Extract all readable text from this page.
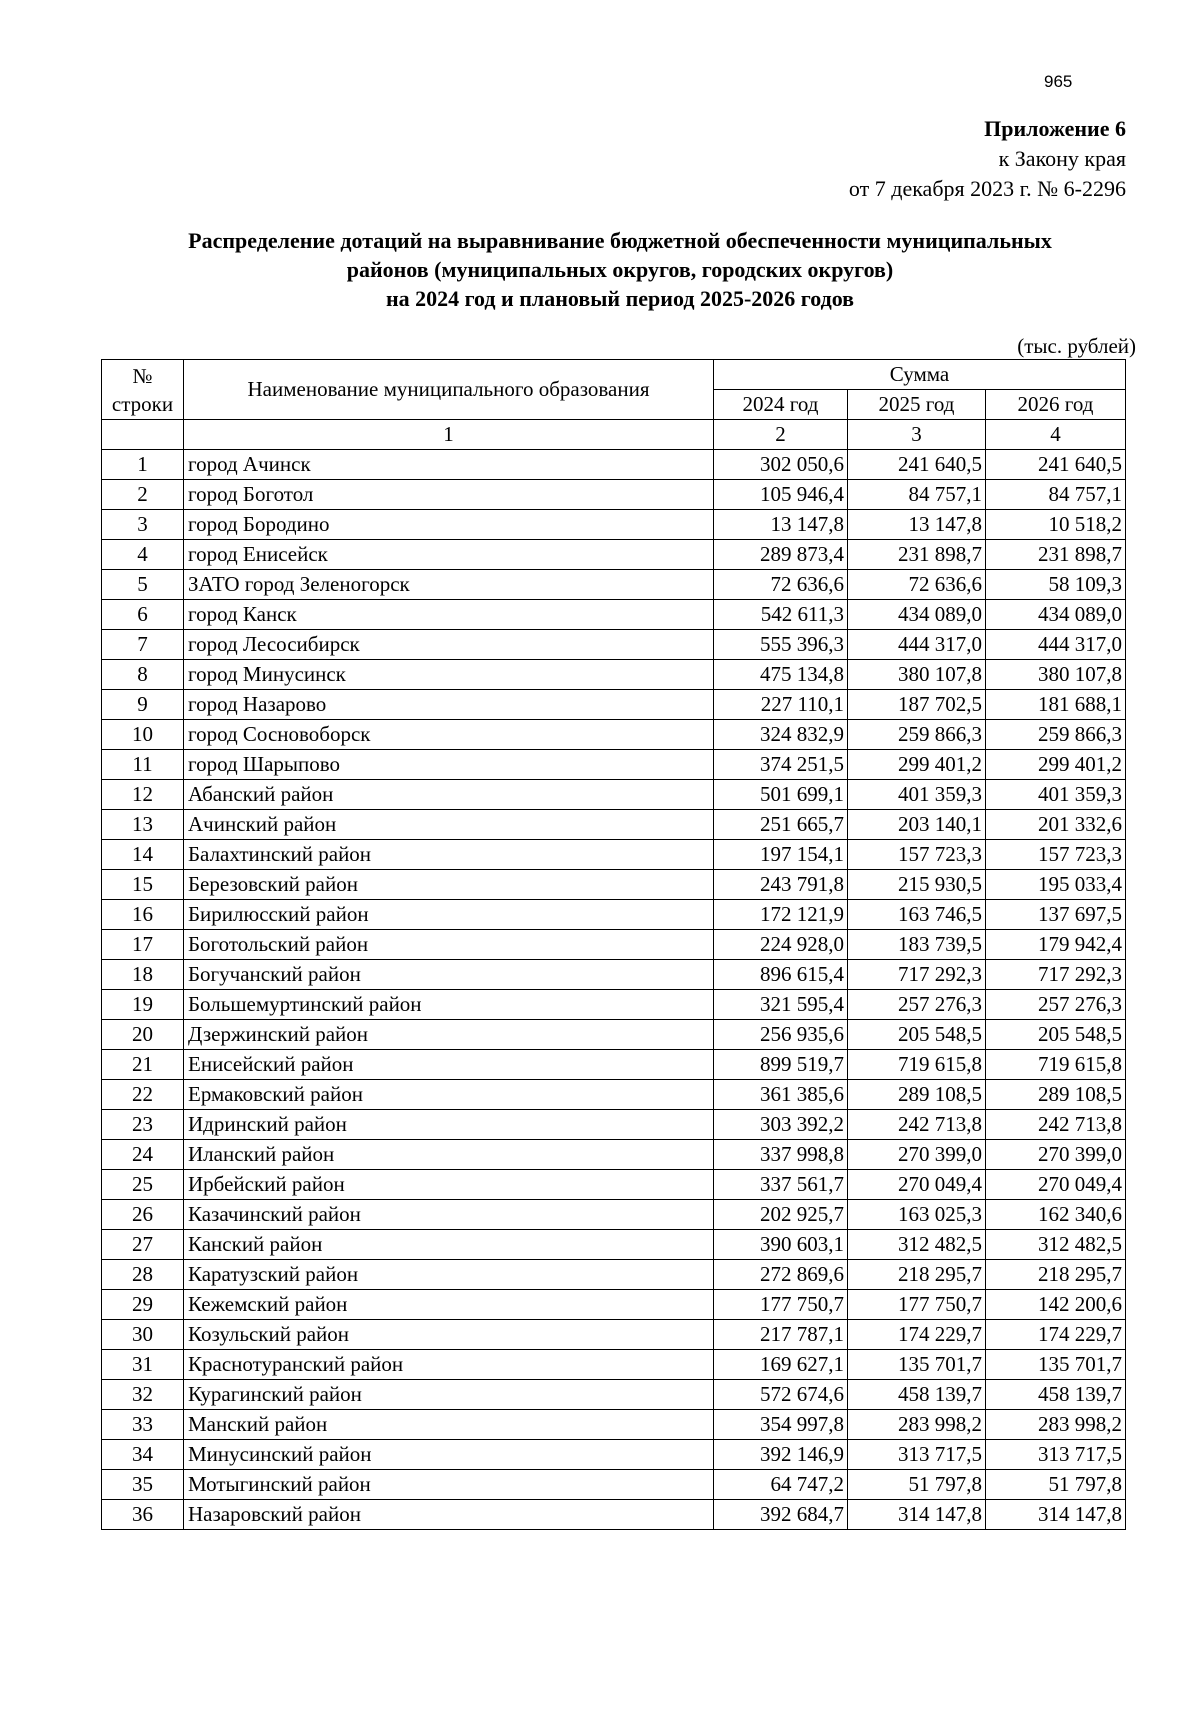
965
Приложение 6
к Закону края
от 7 декабря 2023 г. № 6-2296
Распределение дотаций на выравнивание бюджетной обеспеченности муниципальных
районов (муниципальных округов, городских округов)
на 2024 год и плановый период 2025-2026 годов
(тыс. рублей)
№
строки	Наименование муниципального образования	Сумма		
		2024 год	2025 год	2026 год
	1	2	3	4
1	город Ачинск	302 050,6	241 640,5	241 640,5
2	город Боготол	105 946,4	84 757,1	84 757,1
3	город Бородино	13 147,8	13 147,8	10 518,2
4	город Енисейск	289 873,4	231 898,7	231 898,7
5	ЗАТО город Зеленогорск	72 636,6	72 636,6	58 109,3
6	город Канск	542 611,3	434 089,0	434 089,0
7	город Лесосибирск	555 396,3	444 317,0	444 317,0
8	город Минусинск	475 134,8	380 107,8	380 107,8
9	город Назарово	227 110,1	187 702,5	181 688,1
10	город Сосновоборск	324 832,9	259 866,3	259 866,3
11	город Шарыпово	374 251,5	299 401,2	299 401,2
12	Абанский район	501 699,1	401 359,3	401 359,3
13	Ачинский район	251 665,7	203 140,1	201 332,6
14	Балахтинский район	197 154,1	157 723,3	157 723,3
15	Березовский район	243 791,8	215 930,5	195 033,4
16	Бирилюсский район	172 121,9	163 746,5	137 697,5
17	Боготольский район	224 928,0	183 739,5	179 942,4
18	Богучанский район	896 615,4	717 292,3	717 292,3
19	Большемуртинский район	321 595,4	257 276,3	257 276,3
20	Дзержинский район	256 935,6	205 548,5	205 548,5
21	Енисейский район	899 519,7	719 615,8	719 615,8
22	Ермаковский район	361 385,6	289 108,5	289 108,5
23	Идринский район	303 392,2	242 713,8	242 713,8
24	Иланский район	337 998,8	270 399,0	270 399,0
25	Ирбейский район	337 561,7	270 049,4	270 049,4
26	Казачинский район	202 925,7	163 025,3	162 340,6
27	Канский район	390 603,1	312 482,5	312 482,5
28	Каратузский район	272 869,6	218 295,7	218 295,7
29	Кежемский район	177 750,7	177 750,7	142 200,6
30	Козульский район	217 787,1	174 229,7	174 229,7
31	Краснотуранский район	169 627,1	135 701,7	135 701,7
32	Курагинский район	572 674,6	458 139,7	458 139,7
33	Манский район	354 997,8	283 998,2	283 998,2
34	Минусинский район	392 146,9	313 717,5	313 717,5
35	Мотыгинский район	64 747,2	51 797,8	51 797,8
36	Назаровский район	392 684,7	314 147,8	314 147,8
